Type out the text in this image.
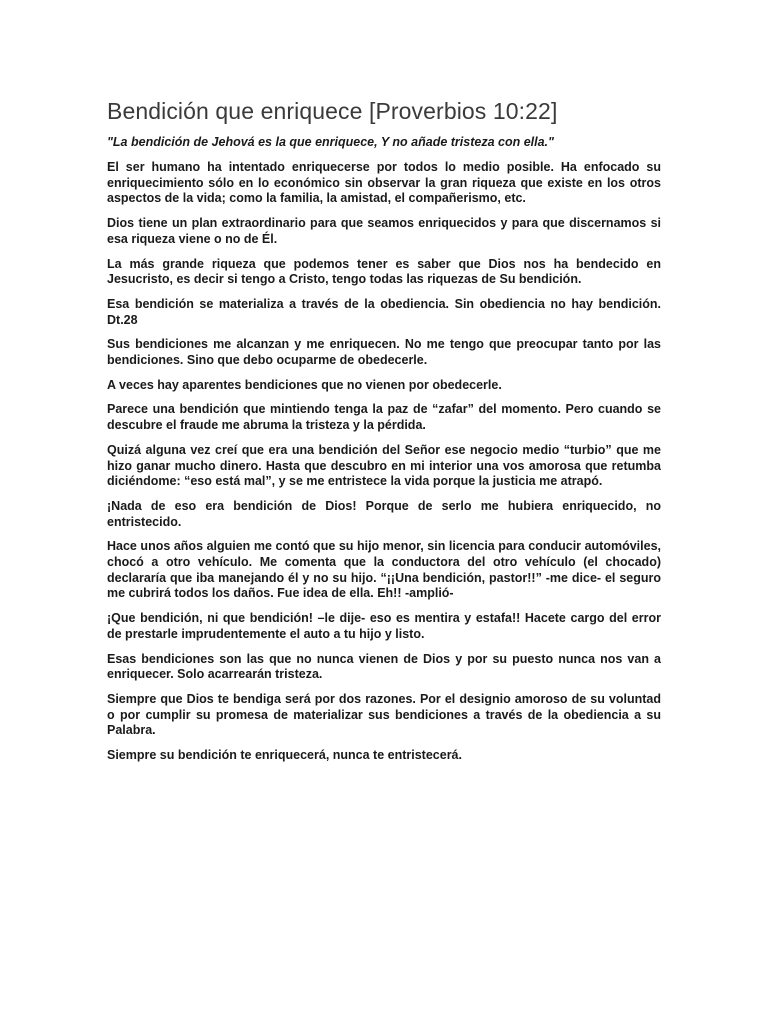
Bendición que enriquece [Proverbios 10:22]

"La bendición de Jehová es la que enriquece, Y no añade tristeza con ella."

El ser humano ha intentado enriquecerse por todos lo medio posible. Ha enfocado su enriquecimiento sólo en lo económico sin observar la gran riqueza que existe en los otros aspectos de la vida; como la familia, la amistad, el compañerismo, etc.

Dios tiene un plan extraordinario para que seamos enriquecidos y para que discernamos si esa riqueza viene o no de Él.

La más grande riqueza que podemos tener es saber que Dios nos ha bendecido en Jesucristo, es decir si tengo a Cristo, tengo todas las riquezas de Su bendición.

Esa bendición se materializa a través de la obediencia. Sin obediencia no hay bendición. Dt.28

Sus bendiciones me alcanzan y me enriquecen. No me tengo que preocupar tanto por las bendiciones. Sino que debo ocuparme de obedecerle.

A veces hay aparentes bendiciones que no vienen por obedecerle.

Parece una bendición que mintiendo tenga la paz de “zafar” del momento. Pero cuando se descubre el fraude me abruma la tristeza y la pérdida.

Quizá alguna vez creí que era una bendición del Señor ese negocio medio “turbio” que me hizo ganar mucho dinero. Hasta que descubro en mi interior una vos amorosa que retumba diciéndome: “eso está mal”, y se me entristece la vida porque la justicia me atrapó.

¡Nada de eso era bendición de Dios! Porque de serlo me hubiera enriquecido, no entristecido.

Hace unos años alguien me contó que su hijo menor, sin licencia para conducir automóviles, chocó a otro vehículo. Me comenta que la conductora del otro vehículo (el chocado) declararía que iba manejando él y no su hijo. “¡¡Una bendición, pastor!!” -me dice- el seguro me cubrirá todos los daños. Fue idea de ella. Eh!! -amplió-

¡Que bendición, ni que bendición! –le dije- eso es mentira y estafa!! Hacete cargo del error de prestarle imprudentemente el auto a tu hijo y listo.

Esas bendiciones son las que no nunca vienen de Dios y por su puesto nunca nos van a enriquecer. Solo acarrearán tristeza.

Siempre que Dios te bendiga será por dos razones. Por el designio amoroso de su voluntad o por cumplir su promesa de materializar sus bendiciones a través de la obediencia a su Palabra.

Siempre su bendición te enriquecerá, nunca te entristecerá.
